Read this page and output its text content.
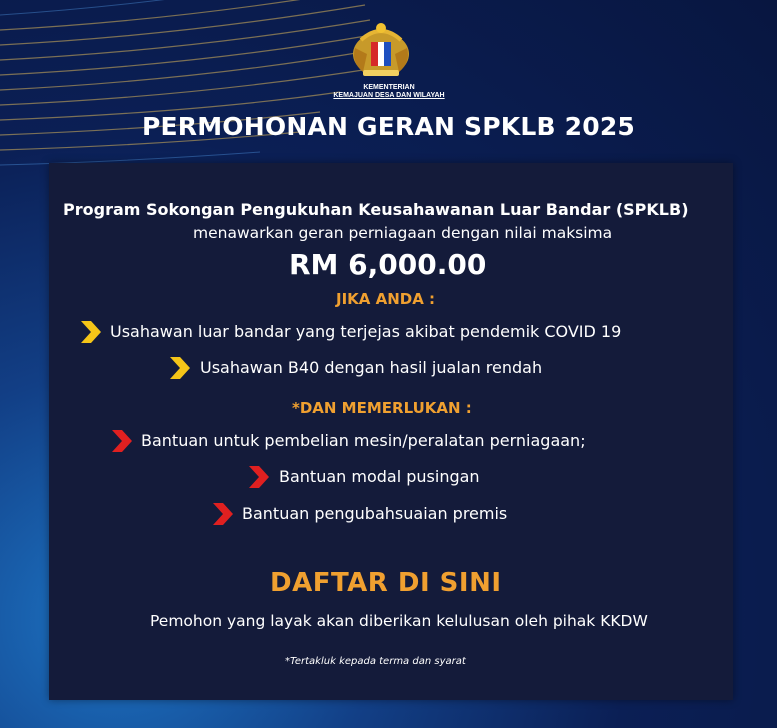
KEMENTERIAN
KEMAJUAN DESA DAN WILAYAH
PERMOHONAN GERAN SPKLB 2025
Program Sokongan Pengukuhan Keusahawanan Luar Bandar (SPKLB)
menawarkan geran perniagaan dengan nilai maksima
RM 6,000.00
JIKA ANDA :
Usahawan luar bandar yang terjejas akibat pendemik COVID 19
Usahawan B40 dengan hasil jualan rendah
*DAN MEMERLUKAN :
Bantuan untuk pembelian mesin/peralatan perniagaan;
Bantuan modal pusingan
Bantuan pengubahsuaian premis
DAFTAR DI SINI
Pemohon yang layak akan diberikan kelulusan oleh pihak KKDW
*Tertakluk kepada terma dan syarat
